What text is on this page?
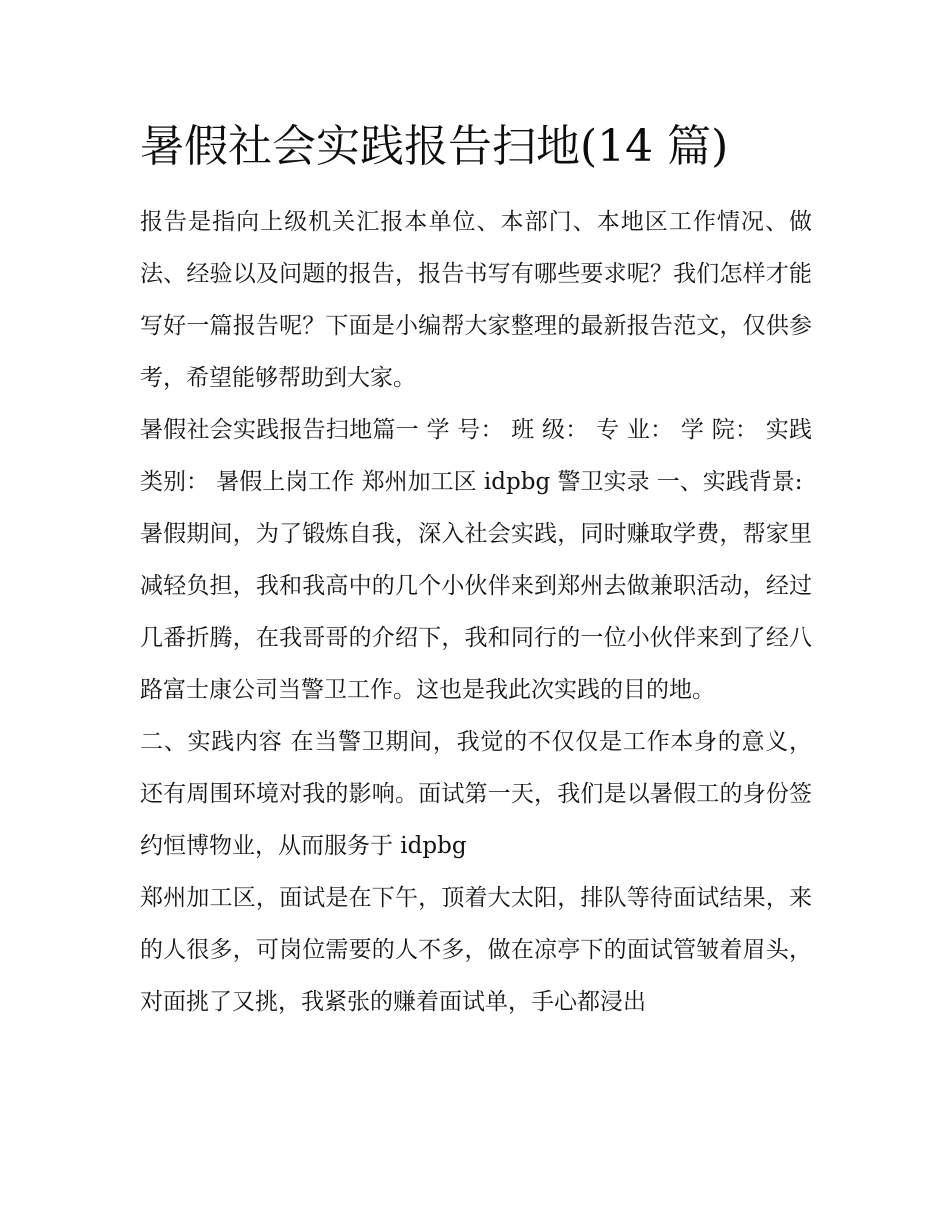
暑假社会实践报告扫地(14 篇)

报告是指向上级机关汇报本单位、本部门、本地区工作情况、做法、经验以及问题的报告，报告书写有哪些要求呢？我们怎样才能写好一篇报告呢？下面是小编帮大家整理的最新报告范文，仅供参考，希望能够帮助到大家。

暑假社会实践报告扫地篇一 学 号： 班 级： 专 业： 学 院： 实践类别： 暑假上岗工作 郑州加工区 idpbg 警卫实录 一、实践背景:

暑假期间，为了锻炼自我，深入社会实践，同时赚取学费，帮家里减轻负担，我和我高中的几个小伙伴来到郑州去做兼职活动，经过几番折腾，在我哥哥的介绍下，我和同行的一位小伙伴来到了经八路富士康公司当警卫工作。这也是我此次实践的目的地。

二、实践内容 在当警卫期间，我觉的不仅仅是工作本身的意义，还有周围环境对我的影响。面试第一天，我们是以暑假工的身份签约恒博物业，从而服务于 idpbg

郑州加工区，面试是在下午，顶着大太阳，排队等待面试结果，来的人很多，可岗位需要的人不多，做在凉亭下的面试管皱着眉头，对面挑了又挑，我紧张的赚着面试单，手心都浸出
